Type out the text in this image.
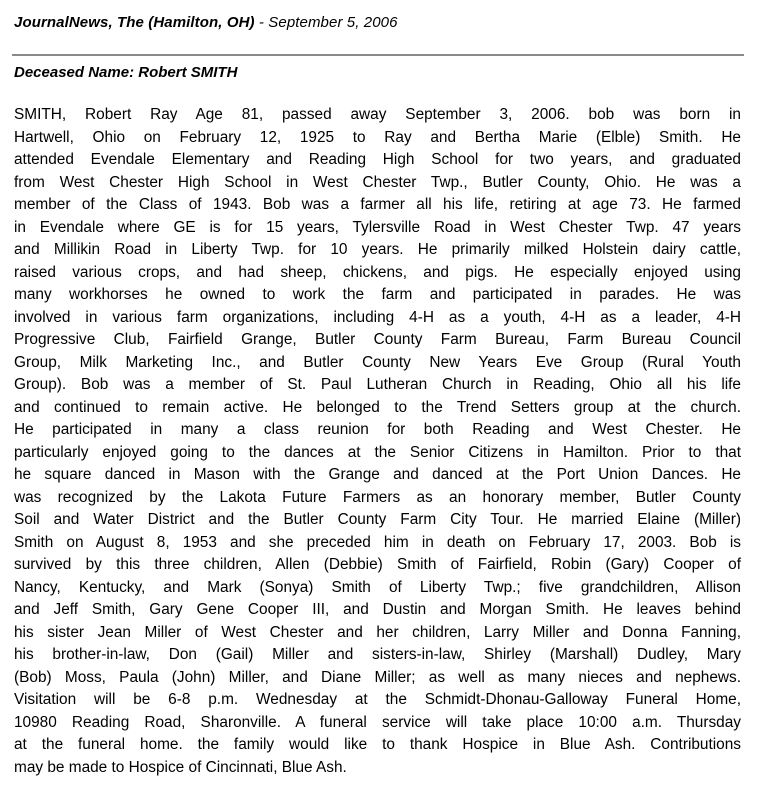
JournalNews, The (Hamilton, OH) - September 5, 2006
Deceased Name: Robert SMITH
SMITH, Robert Ray Age 81, passed away September 3, 2006. bob was born in
Hartwell, Ohio on February 12, 1925 to Ray and Bertha Marie (Elble) Smith. He
attended Evendale Elementary and Reading High School for two years, and graduated
from West Chester High School in West Chester Twp., Butler County, Ohio. He was a
member of the Class of 1943. Bob was a farmer all his life, retiring at age 73. He farmed
in Evendale where GE is for 15 years, Tylersville Road in West Chester Twp. 47 years
and Millikin Road in Liberty Twp. for 10 years. He primarily milked Holstein dairy cattle,
raised various crops, and had sheep, chickens, and pigs. He especially enjoyed using
many workhorses he owned to work the farm and participated in parades. He was
involved in various farm organizations, including 4-H as a youth, 4-H as a leader, 4-H
Progressive Club, Fairfield Grange, Butler County Farm Bureau, Farm Bureau Council
Group, Milk Marketing Inc., and Butler County New Years Eve Group (Rural Youth
Group). Bob was a member of St. Paul Lutheran Church in Reading, Ohio all his life
and continued to remain active. He belonged to the Trend Setters group at the church.
He participated in many a class reunion for both Reading and West Chester. He
particularly enjoyed going to the dances at the Senior Citizens in Hamilton. Prior to that
he square danced in Mason with the Grange and danced at the Port Union Dances. He
was recognized by the Lakota Future Farmers as an honorary member, Butler County
Soil and Water District and the Butler County Farm City Tour. He married Elaine (Miller)
Smith on August 8, 1953 and she preceded him in death on February 17, 2003. Bob is
survived by this three children, Allen (Debbie) Smith of Fairfield, Robin (Gary) Cooper of
Nancy, Kentucky, and Mark (Sonya) Smith of Liberty Twp.; five grandchildren, Allison
and Jeff Smith, Gary Gene Cooper III, and Dustin and Morgan Smith. He leaves behind
his sister Jean Miller of West Chester and her children, Larry Miller and Donna Fanning,
his brother-in-law, Don (Gail) Miller and sisters-in-law, Shirley (Marshall) Dudley, Mary
(Bob) Moss, Paula (John) Miller, and Diane Miller; as well as many nieces and nephews.
Visitation will be 6-8 p.m. Wednesday at the Schmidt-Dhonau-Galloway Funeral Home,
10980 Reading Road, Sharonville. A funeral service will take place 10:00 a.m. Thursday
at the funeral home. the family would like to thank Hospice in Blue Ash. Contributions
may be made to Hospice of Cincinnati, Blue Ash.
